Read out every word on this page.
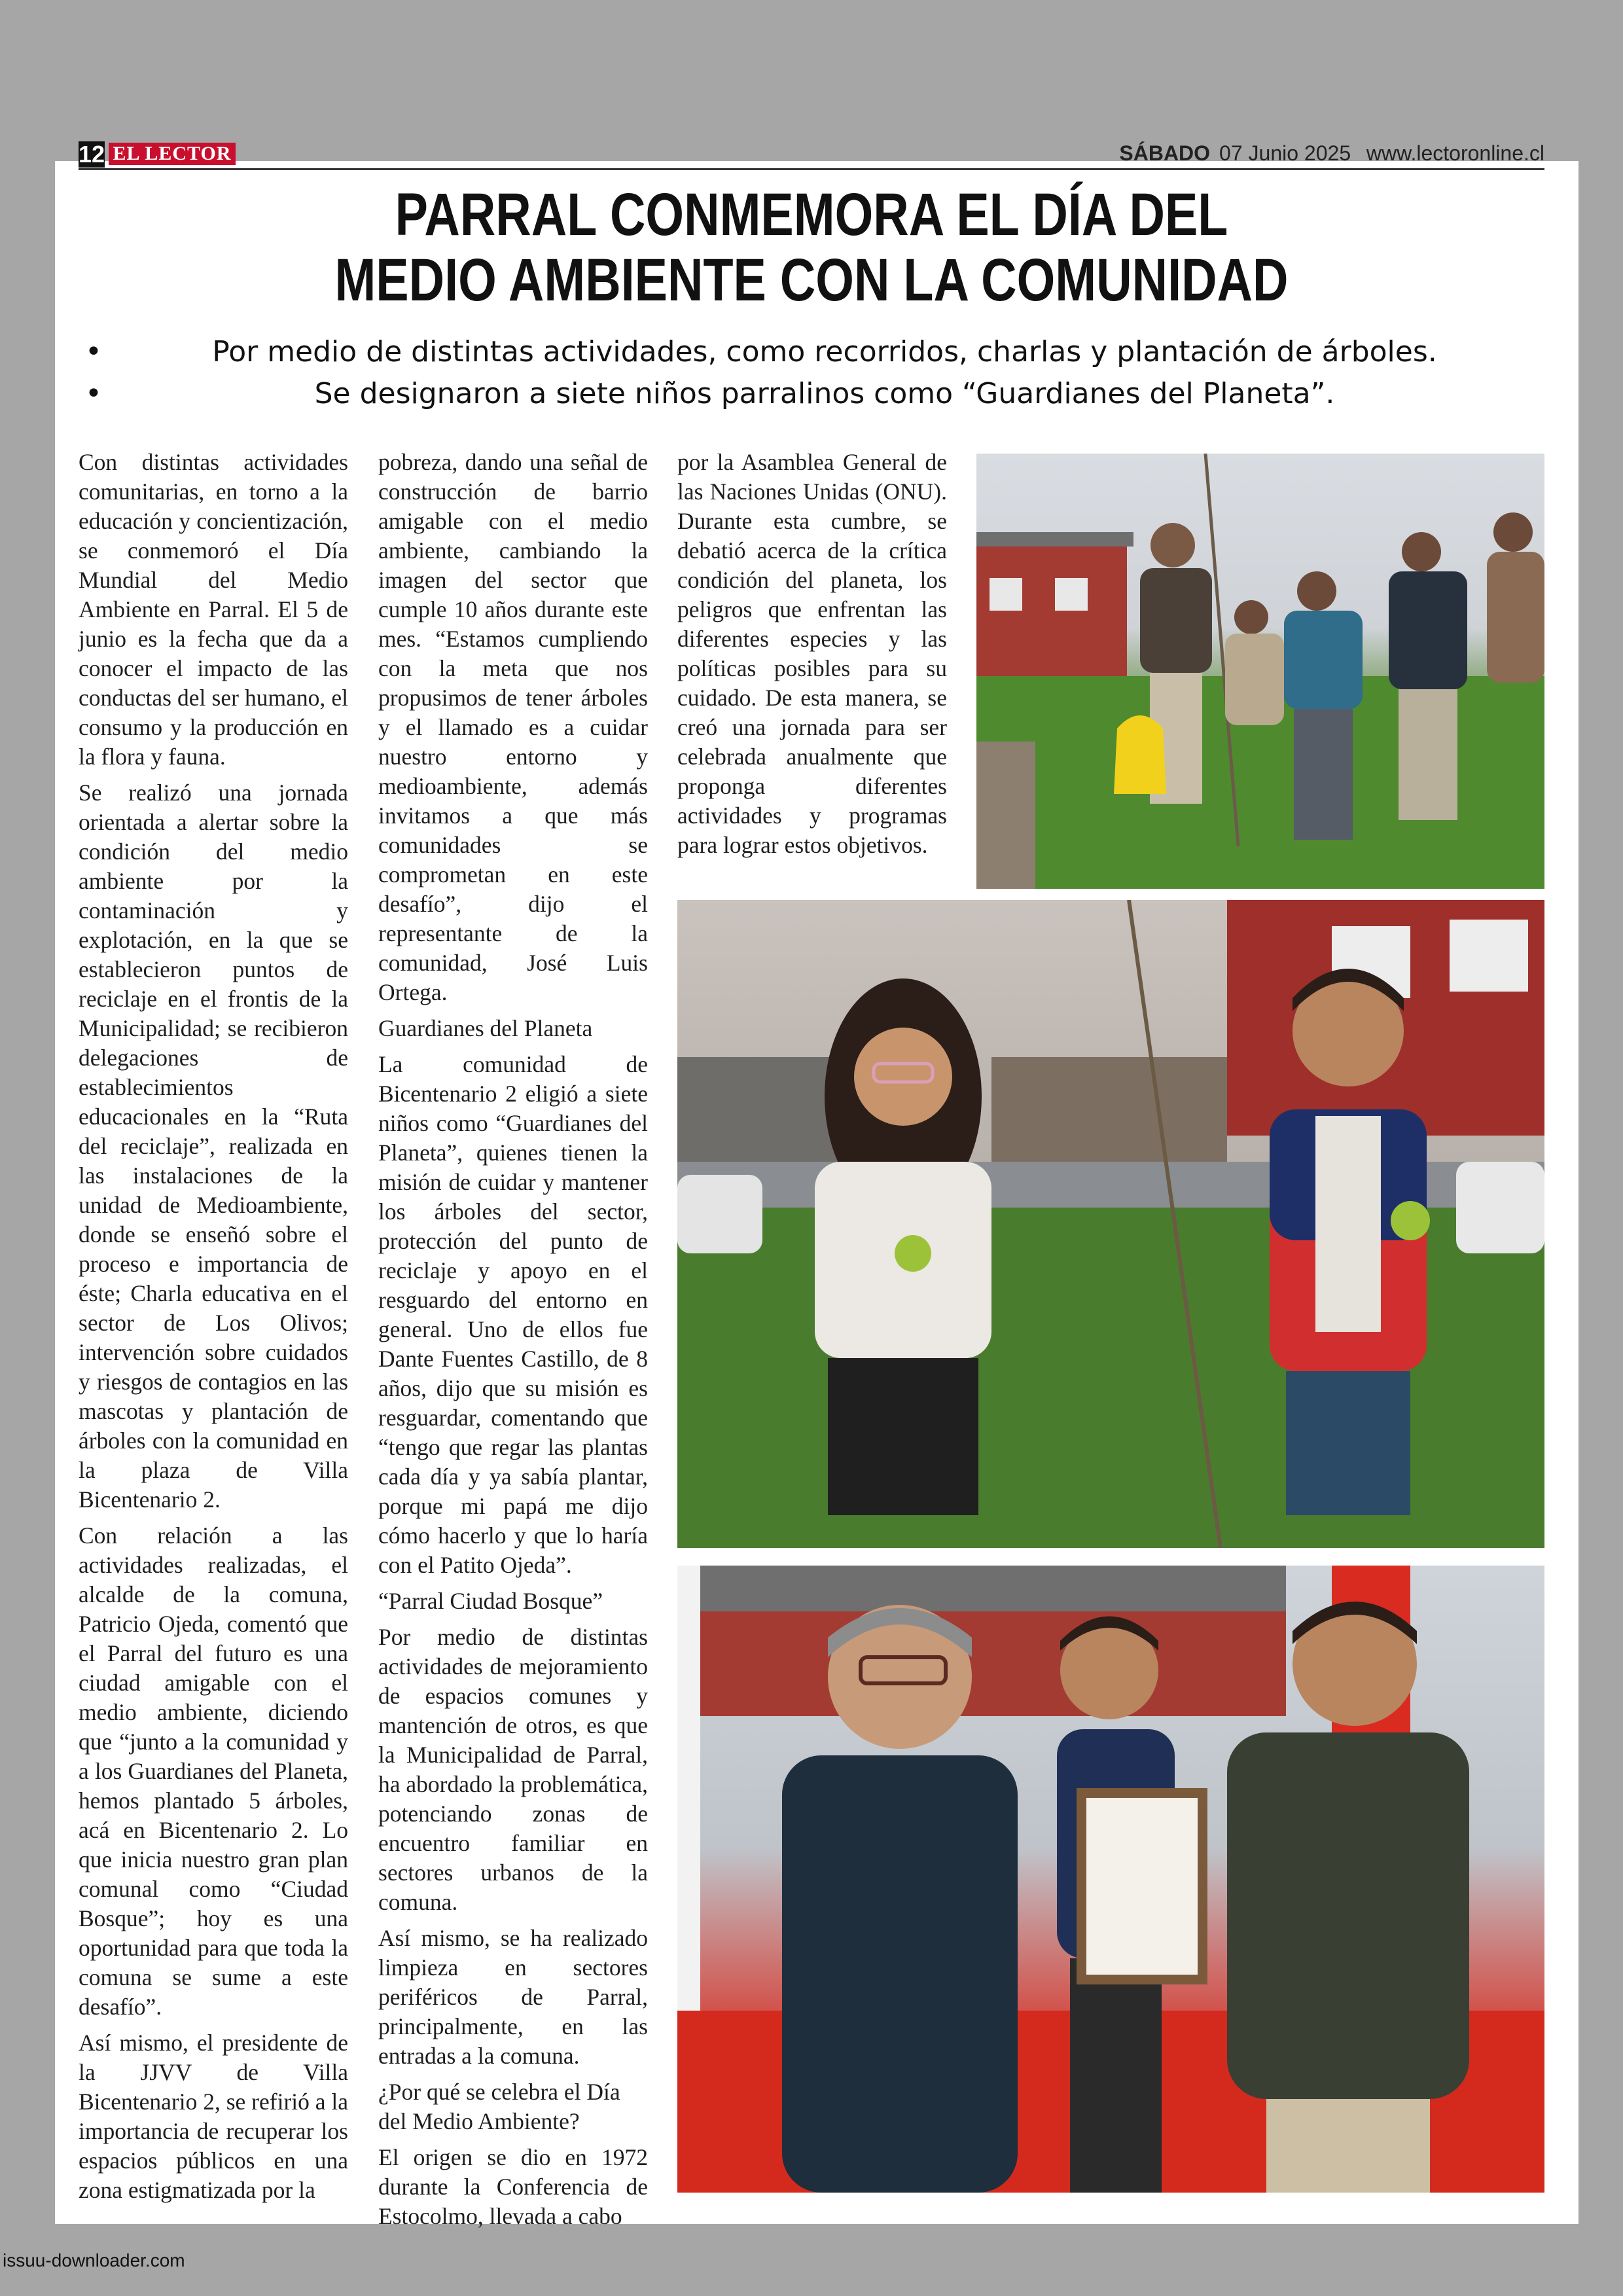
12 EL LECTOR	SÁBADO 07 Junio 2025 www.lectoronline.cl
PARRAL CONMEMORA EL DÍA DEL
MEDIO AMBIENTE CON LA COMUNIDAD
•	Por medio de distintas actividades, como recorridos, charlas y plantación de árboles.
•	Se designaron a siete niños parralinos como “Guardianes del Planeta”.

Con distintas actividades comunitarias, en torno a la educación y concientización, se conmemoró el Día Mundial del Medio Ambiente en Parral. El 5 de junio es la fecha que da a conocer el impacto de las conductas del ser humano, el consumo y la producción en la flora y fauna.

Se realizó una jornada orientada a alertar sobre la condición del medio ambiente por la contaminación y explotación, en la que se establecieron puntos de reciclaje en el frontis de la Municipalidad; se recibieron delegaciones de establecimientos educacionales en la “Ruta del reciclaje”, realizada en las instalaciones de la unidad de Medioambiente, donde se enseñó sobre el proceso e importancia de éste; Charla educativa en el sector de Los Olivos; intervención sobre cuidados y riesgos de contagios en las mascotas y plantación de árboles con la comunidad en la plaza de Villa Bicentenario 2.

Con relación a las actividades realizadas, el alcalde de la comuna, Patricio Ojeda, comentó que el Parral del futuro es una ciudad amigable con el medio ambiente, diciendo que “junto a la comunidad y a los Guardianes del Planeta, hemos plantado 5 árboles, acá en Bicentenario 2. Lo que inicia nuestro gran plan comunal como “Ciudad Bosque”; hoy es una oportunidad para que toda la comuna se sume a este desafío”.

Así mismo, el presidente de la JJVV de Villa Bicentenario 2, se refirió a la importancia de recuperar los espacios públicos en una zona estigmatizada por la

pobreza, dando una señal de construcción de barrio amigable con el medio ambiente, cambiando la imagen del sector que cumple 10 años durante este mes. “Estamos cumpliendo con la meta que nos propusimos de tener árboles y el llamado es a cuidar nuestro entorno y medioambiente, además invitamos a que más comunidades se comprometan en este desafío”, dijo el representante de la comunidad, José Luis Ortega.

Guardianes del Planeta

La comunidad de Bicentenario 2 eligió a siete niños como “Guardianes del Planeta”, quienes tienen la misión de cuidar y mantener los árboles del sector, protección del punto de reciclaje y apoyo en el resguardo del entorno en general. Uno de ellos fue Dante Fuentes Castillo, de 8 años, dijo que su misión es resguardar, comentando que “tengo que regar las plantas cada día y ya sabía plantar, porque mi papá me dijo cómo hacerlo y que lo haría con el Patito Ojeda”.

“Parral Ciudad Bosque”

Por medio de distintas actividades de mejoramiento de espacios comunes y mantención de otros, es que la Municipalidad de Parral, ha abordado la problemática, potenciando zonas de encuentro familiar en sectores urbanos de la comuna.

Así mismo, se ha realizado limpieza en sectores periféricos de Parral, principalmente, en las entradas a la comuna.

¿Por qué se celebra el Día del Medio Ambiente?

El origen se dio en 1972 durante la Conferencia de Estocolmo, llevada a cabo

por la Asamblea General de las Naciones Unidas (ONU). Durante esta cumbre, se debatió acerca de la crítica condición del planeta, los peligros que enfrentan las diferentes especies y las políticas posibles para su cuidado. De esta manera, se creó una jornada para ser celebrada anualmente que proponga diferentes actividades y programas para lograr estos objetivos.

issuu-downloader.com
